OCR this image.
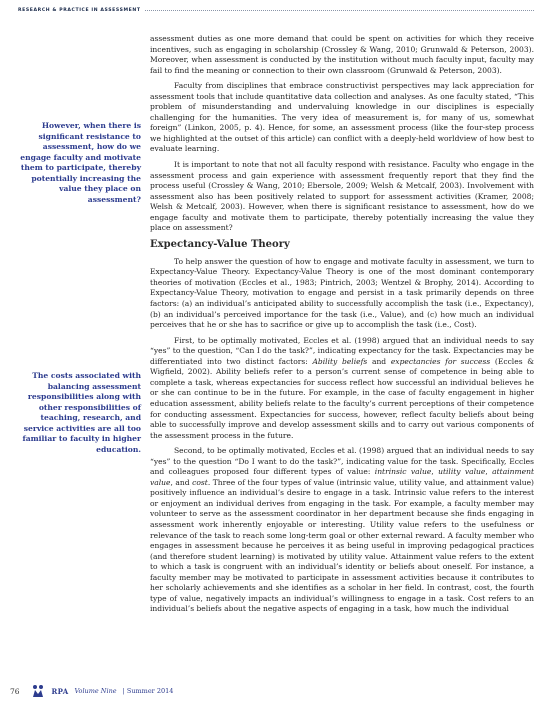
RESEARCH & PRACTICE IN ASSESSMENT
However, when there is significant resistance to assessment, how do we engage faculty and motivate them to participate, thereby potentially increasing the value they place on assessment?
The costs associated with balancing assessment responsibilities along with other responsibilities of teaching, research, and service activities are all too familiar to faculty in higher education.

assessment duties as one more demand that could be spent on activities for which they receive incentives, such as engaging in scholarship (Crossley & Wang, 2010; Grunwald & Peterson, 2003). Moreover, when assessment is conducted by the institution without much faculty input, faculty may fail to find the meaning or connection to their own classroom (Grunwald & Peterson, 2003).

Faculty from disciplines that embrace constructivist perspectives may lack appreciation for assessment tools that include quantitative data collection and analyses. As one faculty stated, “This problem of misunderstanding and undervaluing knowledge in our disciplines is especially challenging for the humanities. The very idea of measurement is, for many of us, somewhat foreign” (Linkon, 2005, p. 4). Hence, for some, an assessment process (like the four-step process we highlighted at the outset of this article) can conflict with a deeply-held worldview of how best to evaluate learning.

It is important to note that not all faculty respond with resistance. Faculty who engage in the assessment process and gain experience with assessment frequently report that they find the process useful (Crossley & Wang, 2010; Ebersole, 2009; Welsh & Metcalf, 2003). Involvement with assessment also has been positively related to support for assessment activities (Kramer, 2008; Welsh & Metcalf, 2003). However, when there is significant resistance to assessment, how do we engage faculty and motivate them to participate, thereby potentially increasing the value they place on assessment?

Expectancy-Value Theory

To help answer the question of how to engage and motivate faculty in assessment, we turn to Expectancy-Value Theory. Expectancy-Value Theory is one of the most dominant contemporary theories of motivation (Eccles et al., 1983; Pintrich, 2003; Wentzel & Brophy, 2014). According to Expectancy-Value Theory, motivation to engage and persist in a task primarily depends on three factors: (a) an individual’s anticipated ability to successfully accomplish the task (i.e., Expectancy), (b) an individual’s perceived importance for the task (i.e., Value), and (c) how much an individual perceives that he or she has to sacrifice or give up to accomplish the task (i.e., Cost).

First, to be optimally motivated, Eccles et al. (1998) argued that an individual needs to say “yes” to the question, “Can I do the task?”, indicating expectancy for the task. Expectancies may be differentiated into two distinct factors: Ability beliefs and expectancies for success (Eccles & Wigfield, 2002). Ability beliefs refer to a person’s current sense of competence in being able to complete a task, whereas expectancies for success reflect how successful an individual believes he or she can continue to be in the future. For example, in the case of faculty engagement in higher education assessment, ability beliefs relate to the faculty’s current perceptions of their competence for conducting assessment. Expectancies for success, however, reflect faculty beliefs about being able to successfully improve and develop assessment skills and to carry out various components of the assessment process in the future.

Second, to be optimally motivated, Eccles et al. (1998) argued that an individual needs to say “yes” to the question “Do I want to do the task?”, indicating value for the task. Specifically, Eccles and colleagues proposed four different types of value: intrinsic value, utility value, attainment value, and cost. Three of the four types of value (intrinsic value, utility value, and attainment value) positively influence an individual’s desire to engage in a task. Intrinsic value refers to the interest or enjoyment an individual derives from engaging in the task. For example, a faculty member may volunteer to serve as the assessment coordinator in her department because she finds engaging in assessment work inherently enjoyable or interesting. Utility value refers to the usefulness or relevance of the task to reach some long-term goal or other external reward. A faculty member who engages in assessment because he perceives it as being useful in improving pedagogical practices (and therefore student learning) is motivated by utility value. Attainment value refers to the extent to which a task is congruent with an individual’s identity or beliefs about oneself. For instance, a faculty member may be motivated to participate in assessment activities because it contributes to her scholarly achievements and she identifies as a scholar in her field. In contrast, cost, the fourth type of value, negatively impacts an individual’s willingness to engage in a task. Cost refers to an individual’s beliefs about the negative aspects of engaging in a task, how much the individual

76	RPA Volume Nine | Summer 2014
